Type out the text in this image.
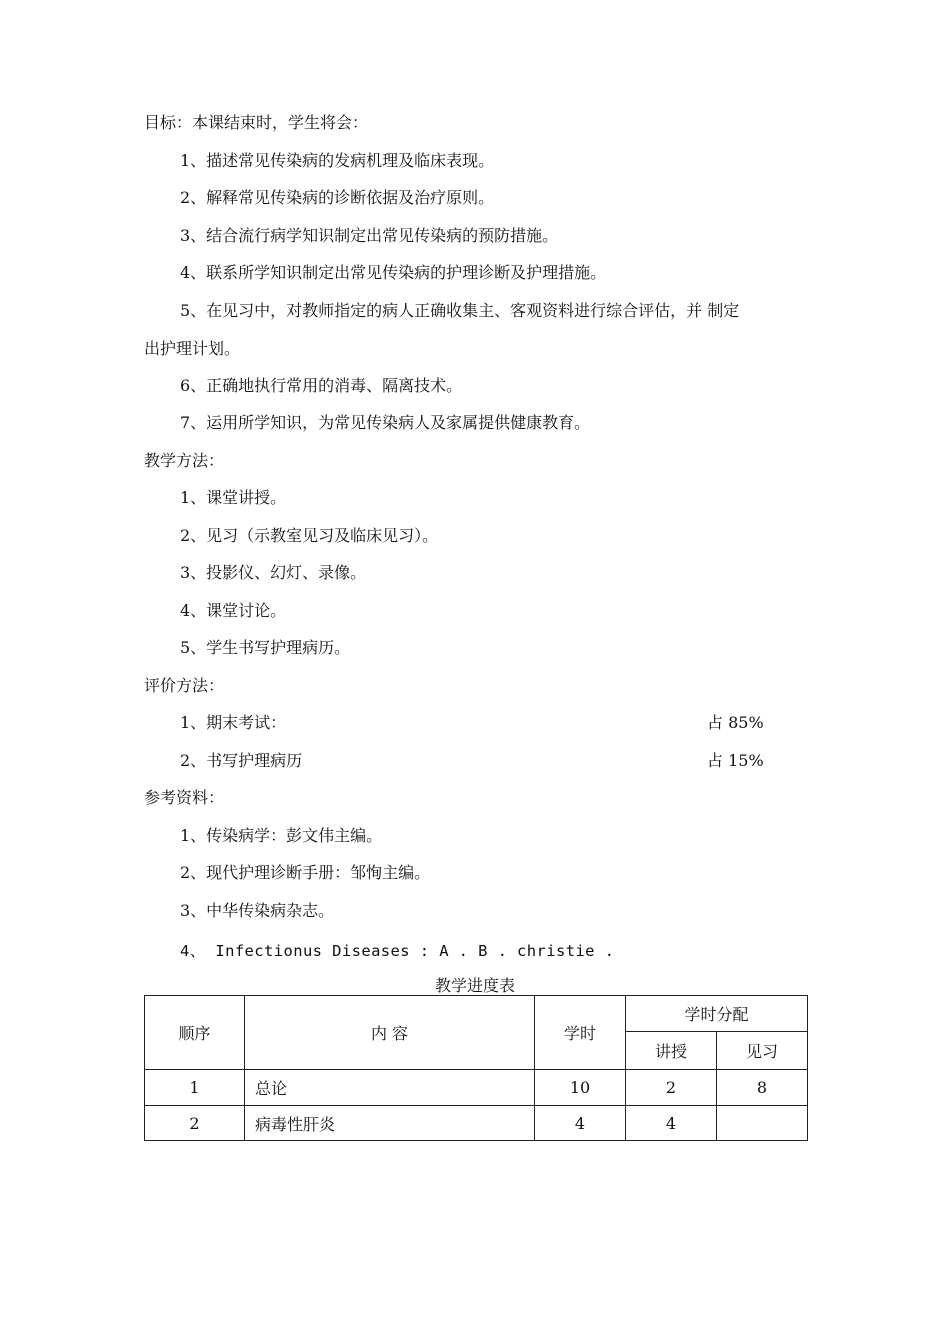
目标：本课结束时，学生将会：
1、描述常见传染病的发病机理及临床表现。
2、解释常见传染病的诊断依据及治疗原则。
3、结合流行病学知识制定出常见传染病的预防措施。
4、联系所学知识制定出常见传染病的护理诊断及护理措施。
5、在见习中，对教师指定的病人正确收集主、客观资料进行综合评估，并 制定
出护理计划。
6、正确地执行常用的消毒、隔离技术。
7、运用所学知识，为常见传染病人及家属提供健康教育。
教学方法：
1、课堂讲授。
2、见习（示教室见习及临床见习）。
3、投影仪、幻灯、录像。
4、课堂讨论。
5、学生书写护理病历。
评价方法：
1、期末考试：	占 85%
2、书写护理病历	占 15%
参考资料：
1、传染病学：彭文伟主编。
2、现代护理诊断手册：邹恂主编。
3、中华传染病杂志。
4、 Infectionus Diseases : A . B . christie .
教学进度表
顺序	内 容	学时	学时分配	
			讲授	见习
1	总论	10	2	8
2	病毒性肝炎	4	4	
